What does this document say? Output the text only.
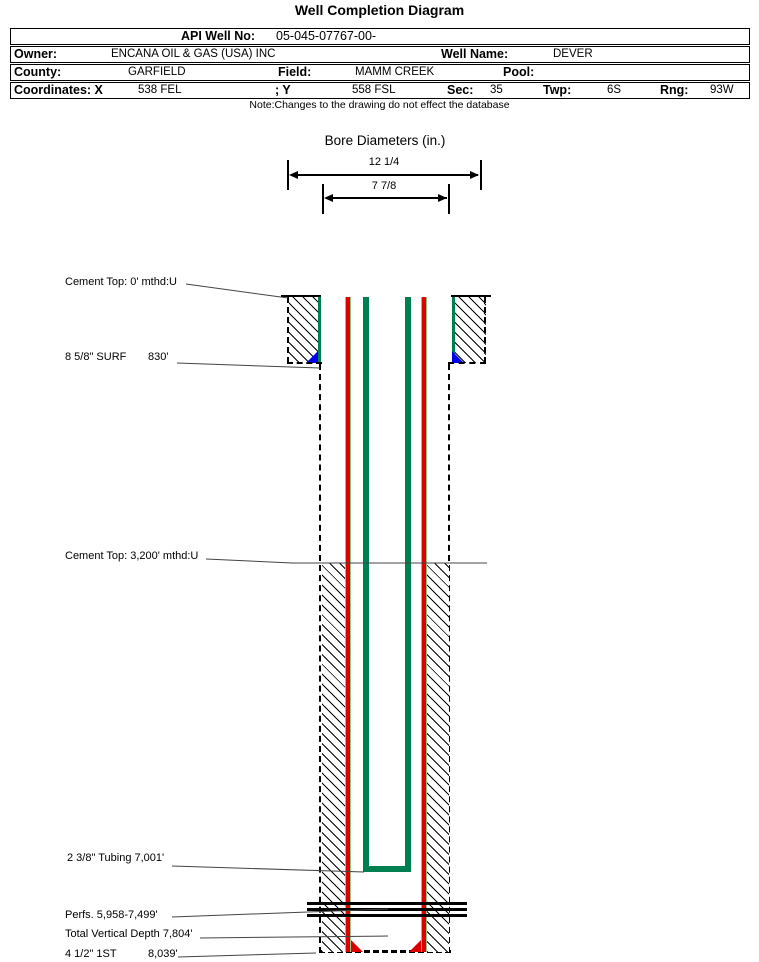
Well Completion Diagram
API Well No: 05-045-07767-00-
Owner:	ENCANA OIL & GAS (USA) INC	Well Name:	DEVER
County:	GARFIELD	Field:	MAMM CREEK	Pool:
Coordinates: X	538 FEL	; Y	558 FSL	Sec: 35	Twp:	6S	Rng: 93W
Note:Changes to the drawing do not effect the database
Bore Diameters (in.)
12 1/4
7 7/8
Cement Top: 0' mthd:U
8 5/8" SURF 830'
Cement Top: 3,200' mthd:U
2 3/8" Tubing 7,001'
Perfs. 5,958-7,499'
Total Vertical Depth 7,804'
4 1/2" 1ST	8,039'
